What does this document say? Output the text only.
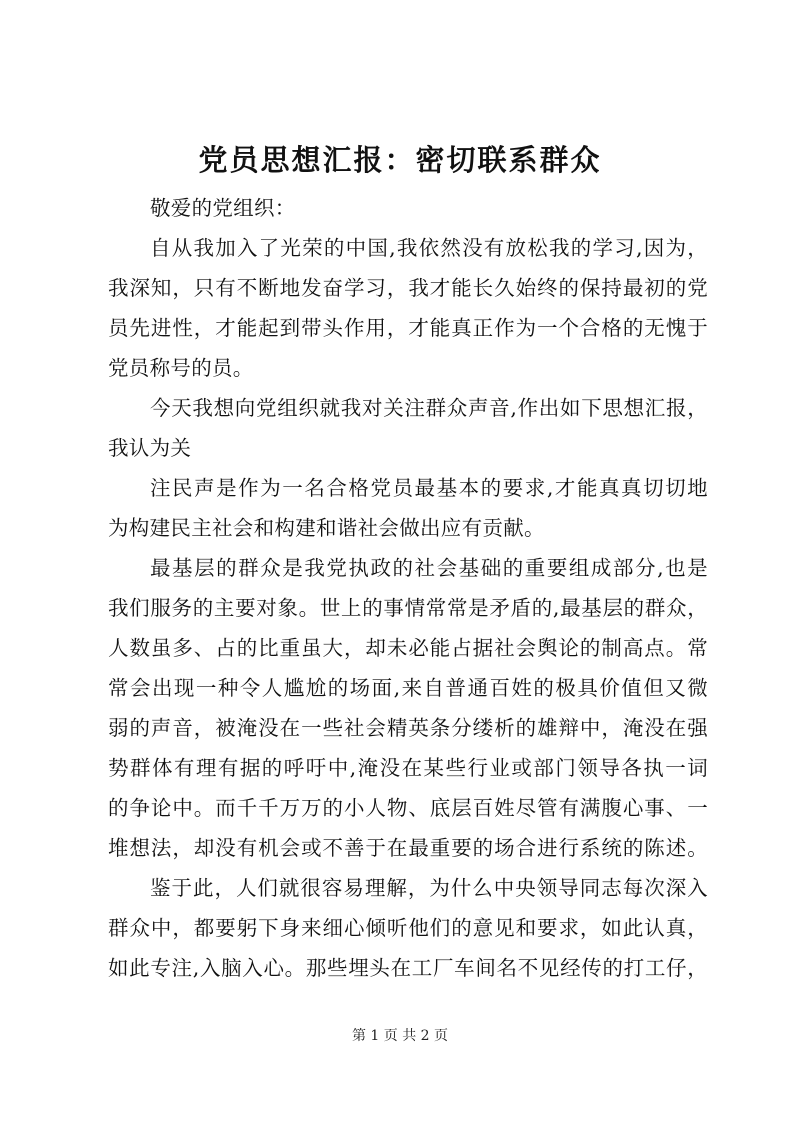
党员思想汇报：密切联系群众
敬爱的党组织：
自从我加入了光荣的中国,我依然没有放松我的学习,因为，
我深知，只有不断地发奋学习，我才能长久始终的保持最初的党
员先进性，才能起到带头作用，才能真正作为一个合格的无愧于
党员称号的员。
今天我想向党组织就我对关注群众声音,作出如下思想汇报，
我认为关
注民声是作为一名合格党员最基本的要求,才能真真切切地
为构建民主社会和构建和谐社会做出应有贡献。
最基层的群众是我党执政的社会基础的重要组成部分,也是
我们服务的主要对象。世上的事情常常是矛盾的,最基层的群众，
人数虽多、占的比重虽大，却未必能占据社会舆论的制高点。常
常会出现一种令人尴尬的场面,来自普通百姓的极具价值但又微
弱的声音，被淹没在一些社会精英条分缕析的雄辩中，淹没在强
势群体有理有据的呼吁中,淹没在某些行业或部门领导各执一词
的争论中。而千千万万的小人物、底层百姓尽管有满腹心事、一
堆想法，却没有机会或不善于在最重要的场合进行系统的陈述。
鉴于此，人们就很容易理解，为什么中央领导同志每次深入
群众中，都要躬下身来细心倾听他们的意见和要求，如此认真，
如此专注,入脑入心。那些埋头在工厂车间名不见经传的打工仔，
第 1 页 共 2 页
